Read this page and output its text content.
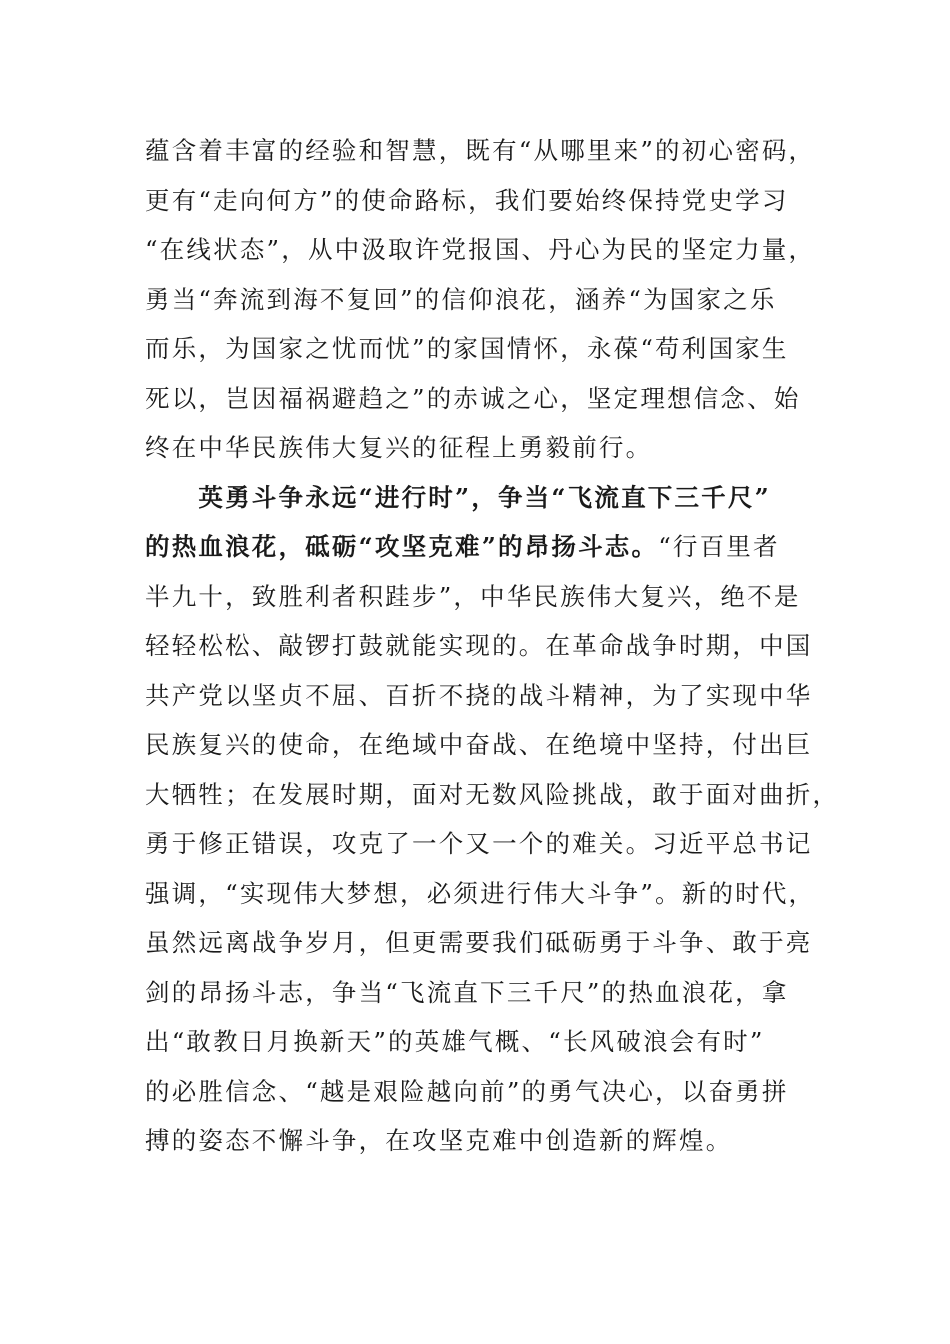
蕴含着丰富的经验和智慧，既有“从哪里来”的初心密码，
更有“走向何方”的使命路标，我们要始终保持党史学习
“在线状态”，从中汲取许党报国、丹心为民的坚定力量，
勇当“奔流到海不复回”的信仰浪花，涵养“为国家之乐
而乐，为国家之忧而忧”的家国情怀，永葆“苟利国家生
死以，岂因福祸避趋之”的赤诚之心，坚定理想信念、始
终在中华民族伟大复兴的征程上勇毅前行。
　　英勇斗争永远“进行时”，争当“飞流直下三千尺”
的热血浪花，砥砺“攻坚克难”的昂扬斗志。“行百里者
半九十，致胜利者积跬步”，中华民族伟大复兴，绝不是
轻轻松松、敲锣打鼓就能实现的。在革命战争时期，中国
共产党以坚贞不屈、百折不挠的战斗精神，为了实现中华
民族复兴的使命，在绝域中奋战、在绝境中坚持，付出巨
大牺牲；在发展时期，面对无数风险挑战，敢于面对曲折，
勇于修正错误，攻克了一个又一个的难关。习近平总书记
强调，“实现伟大梦想，必须进行伟大斗争”。新的时代，
虽然远离战争岁月，但更需要我们砥砺勇于斗争、敢于亮
剑的昂扬斗志，争当“飞流直下三千尺”的热血浪花，拿
出“敢教日月换新天”的英雄气概、“长风破浪会有时”
的必胜信念、“越是艰险越向前”的勇气决心，以奋勇拼
搏的姿态不懈斗争，在攻坚克难中创造新的辉煌。
